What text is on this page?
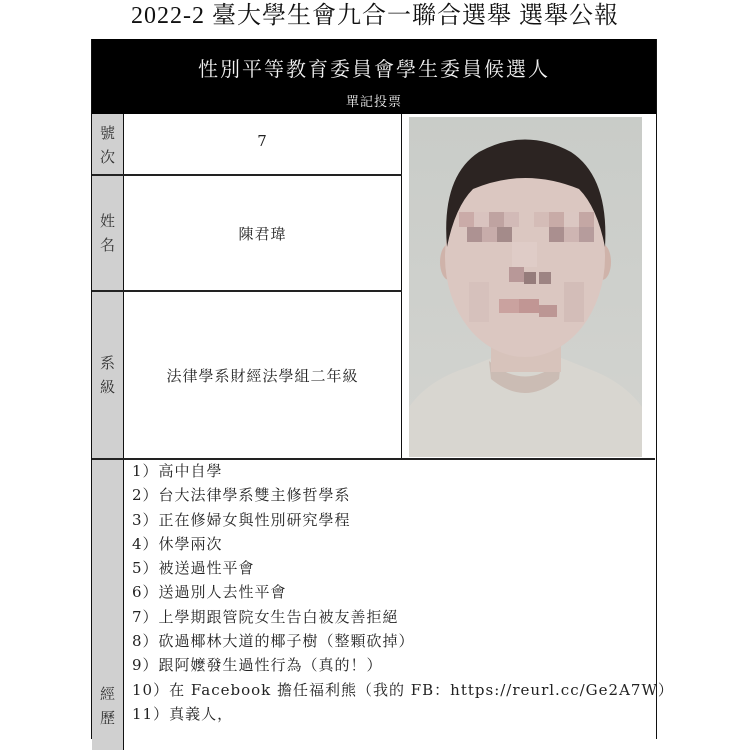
2022-2 臺大學生會九合一聯合選舉 選舉公報
性別平等教育委員會學生委員候選人
單記投票
號
次
7
姓
名
陳君瑋
系
級
法律學系財經法學組二年級
經
歷
1）高中自學
2）台大法律學系雙主修哲學系
3）正在修婦女與性別研究學程
4）休學兩次
5）被送過性平會
6）送過別人去性平會
7）上學期跟管院女生告白被友善拒絕
8）砍過椰林大道的椰子樹（整顆砍掉）
9）跟阿嬤發生過性行為（真的！）
10）在 Facebook 擔任福利熊（我的 FB：https://reurl.cc/Ge2A7W）
11）真義人，
